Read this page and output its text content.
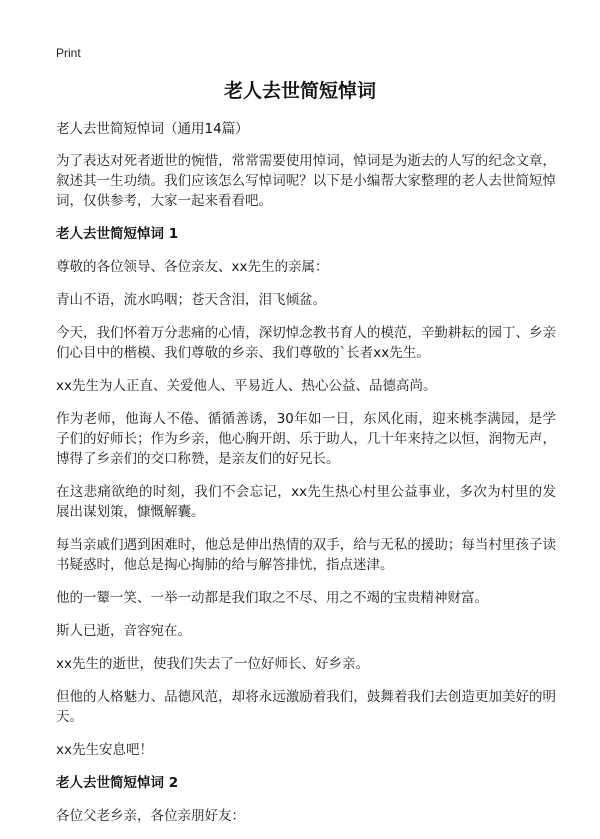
Print
老人去世简短悼词

老人去世简短悼词（通用14篇）

为了表达对死者逝世的惋惜，常常需要使用悼词，悼词是为逝去的人写的纪念文章，叙述其一生功绩。我们应该怎么写悼词呢？以下是小编帮大家整理的老人去世简短悼词，仅供参考，大家一起来看看吧。

老人去世简短悼词 1

尊敬的各位领导、各位亲友、xx先生的亲属：

青山不语，流水呜咽；苍天含泪，泪飞倾盆。

今天，我们怀着万分悲痛的心情，深切悼念教书育人的模范，辛勤耕耘的园丁、乡亲们心目中的楷模、我们尊敬的乡亲、我们尊敬的`长者xx先生。

xx先生为人正直、关爱他人、平易近人、热心公益、品德高尚。

作为老师，他诲人不倦、循循善诱，30年如一日，东风化雨，迎来桃李满园，是学子们的好师长；作为乡亲，他心胸开朗、乐于助人，几十年来持之以恒，润物无声，博得了乡亲们的交口称赞，是亲友们的好兄长。

在这悲痛欲绝的时刻，我们不会忘记，xx先生热心村里公益事业，多次为村里的发展出谋划策，慷慨解囊。

每当亲戚们遇到困难时，他总是伸出热情的双手，给与无私的援助；每当村里孩子读书疑惑时，他总是掏心掏肺的给与解答排忧，指点迷津。

他的一颦一笑、一举一动都是我们取之不尽、用之不竭的宝贵精神财富。

斯人已逝，音容宛在。

xx先生的逝世，使我们失去了一位好师长、好乡亲。

但他的人格魅力、品德风范，却将永远激励着我们，鼓舞着我们去创造更加美好的明天。

xx先生安息吧！

老人去世简短悼词 2

各位父老乡亲，各位亲朋好友：
